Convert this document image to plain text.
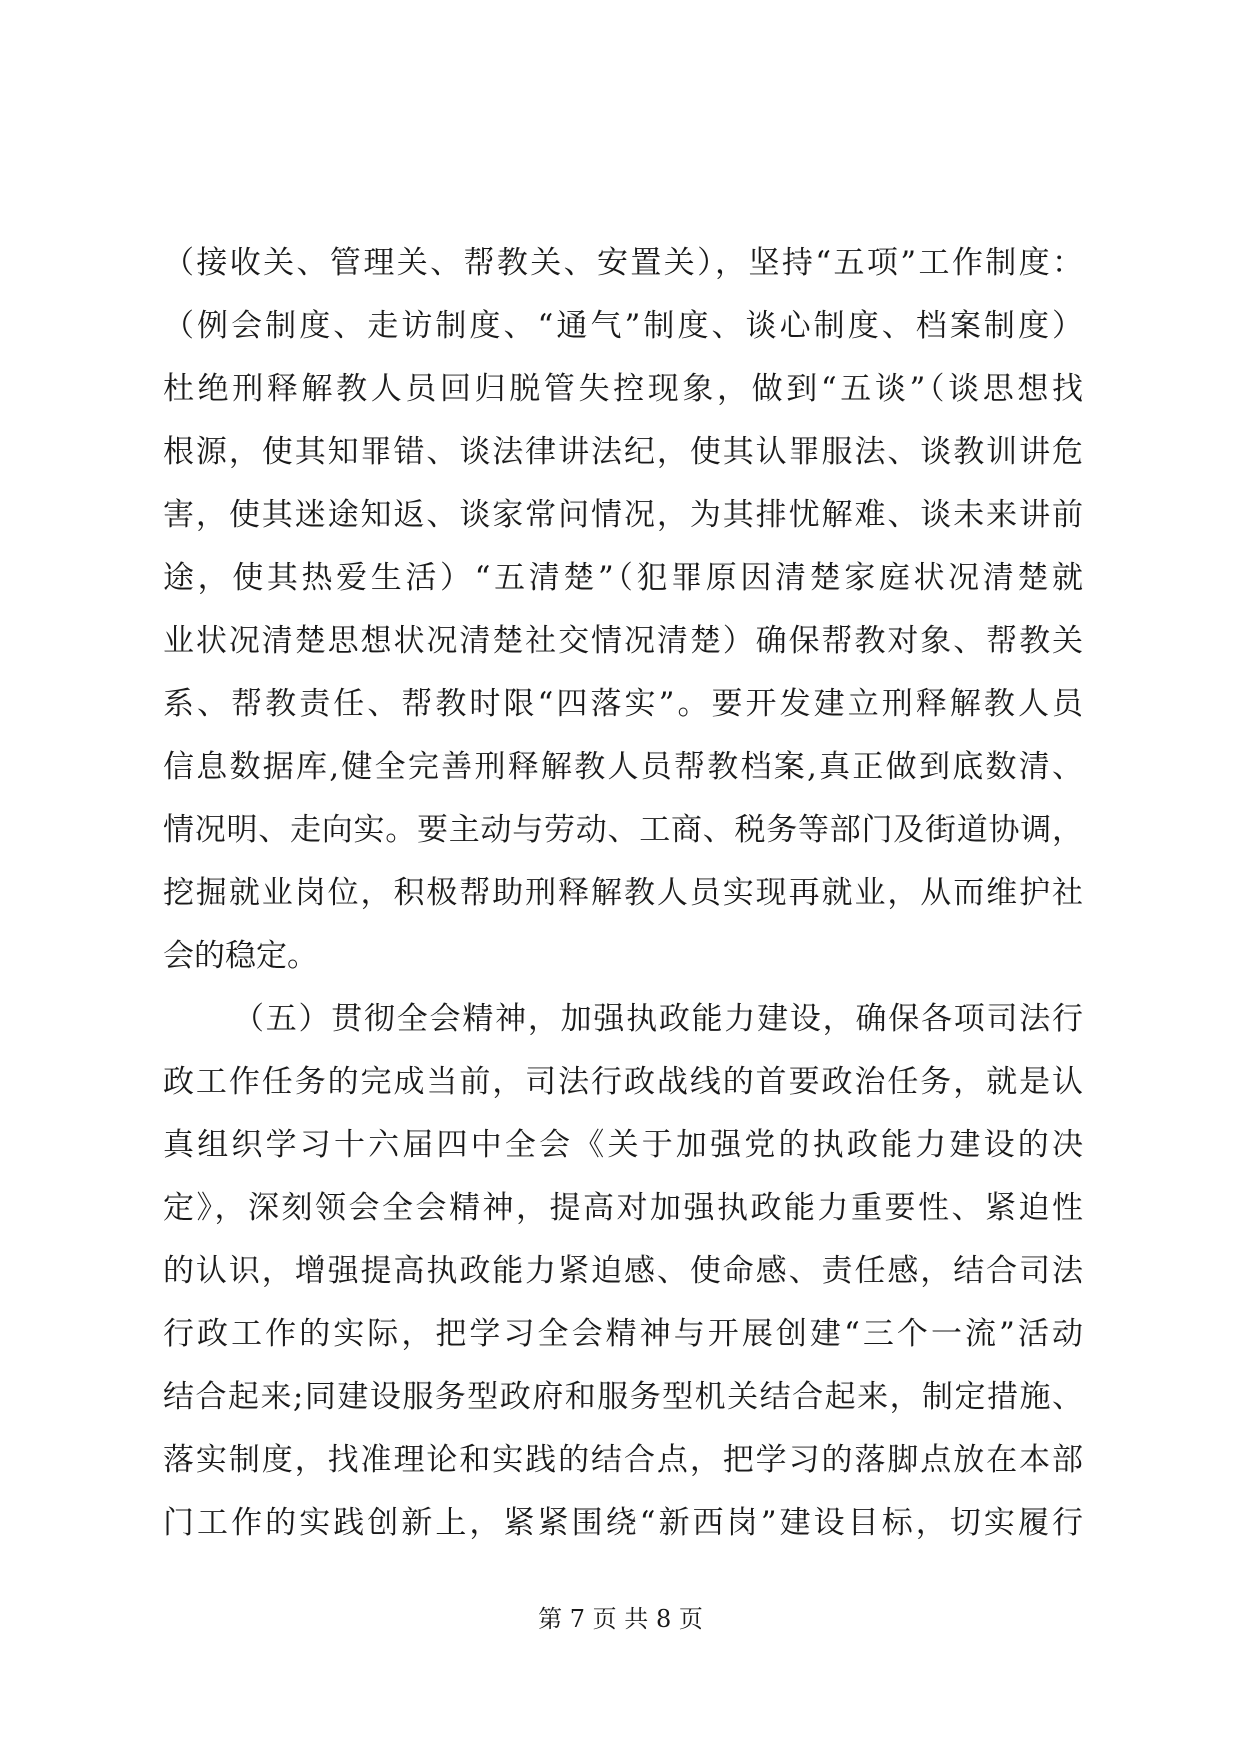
（接收关、管理关、帮教关、安置关），坚持“五项”工作制度：
（例会制度、走访制度、“通气”制度、谈心制度、档案制度）
杜绝刑释解教人员回归脱管失控现象，做到“五谈”（谈思想找
根源，使其知罪错、谈法律讲法纪，使其认罪服法、谈教训讲危
害，使其迷途知返、谈家常问情况，为其排忧解难、谈未来讲前
途，使其热爱生活）“五清楚”（犯罪原因清楚家庭状况清楚就
业状况清楚思想状况清楚社交情况清楚）确保帮教对象、帮教关
系、帮教责任、帮教时限“四落实”。要开发建立刑释解教人员
信息数据库,健全完善刑释解教人员帮教档案,真正做到底数清、
情况明、走向实。要主动与劳动、工商、税务等部门及街道协调，
挖掘就业岗位，积极帮助刑释解教人员实现再就业，从而维护社
会的稳定。
（五）贯彻全会精神，加强执政能力建设，确保各项司法行
政工作任务的完成当前，司法行政战线的首要政治任务，就是认
真组织学习十六届四中全会《关于加强党的执政能力建设的决
定》，深刻领会全会精神，提高对加强执政能力重要性、紧迫性
的认识，增强提高执政能力紧迫感、使命感、责任感，结合司法
行政工作的实际，把学习全会精神与开展创建“三个一流”活动
结合起来;同建设服务型政府和服务型机关结合起来，制定措施、
落实制度，找准理论和实践的结合点，把学习的落脚点放在本部
门工作的实践创新上，紧紧围绕“新西岗”建设目标，切实履行
第 7 页 共 8 页
